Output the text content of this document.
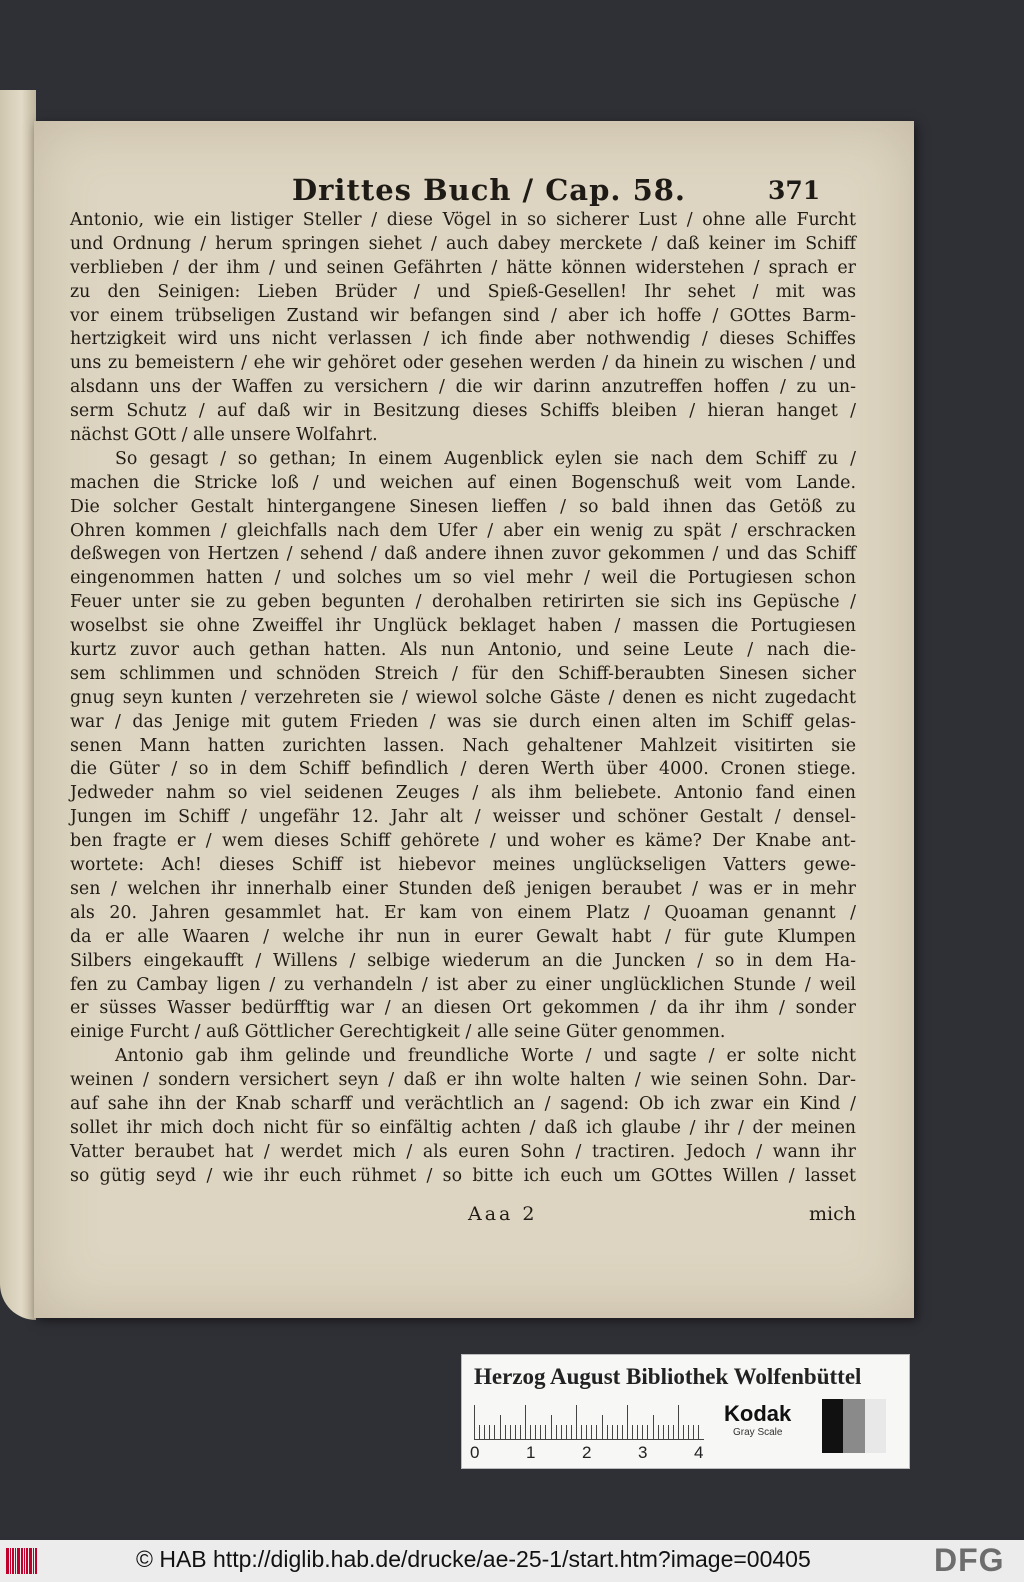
Drittes Buch / Cap. 58.	371
Antonio, wie ein listiger Steller / diese Vögel in so sicherer Lust / ohne alle Furcht
und Ordnung / herum springen siehet / auch dabey merckete / daß keiner im Schiff
verblieben / der ihm / und seinen Gefährten / hätte können widerstehen / sprach er
zu den Seinigen: Lieben Brüder / und Spieß-Gesellen! Ihr sehet / mit was
vor einem trübseligen Zustand wir befangen sind / aber ich hoffe / GOttes Barm-
hertzigkeit wird uns nicht verlassen / ich finde aber nothwendig / dieses Schiffes
uns zu bemeistern / ehe wir gehöret oder gesehen werden / da hinein zu wischen / und
alsdann uns der Waffen zu versichern / die wir darinn anzutreffen hoffen / zu un-
serm Schutz / auf daß wir in Besitzung dieses Schiffs bleiben / hieran hanget /
nächst GOtt / alle unsere Wolfahrt.
So gesagt / so gethan; In einem Augenblick eylen sie nach dem Schiff zu /
machen die Stricke loß / und weichen auf einen Bogenschuß weit vom Lande.
Die solcher Gestalt hintergangene Sinesen lieffen / so bald ihnen das Getöß zu
Ohren kommen / gleichfalls nach dem Ufer / aber ein wenig zu spät / erschracken
deßwegen von Hertzen / sehend / daß andere ihnen zuvor gekommen / und das Schiff
eingenommen hatten / und solches um so viel mehr / weil die Portugiesen schon
Feuer unter sie zu geben begunten / derohalben retirirten sie sich ins Gepüsche /
woselbst sie ohne Zweiffel ihr Unglück beklaget haben / massen die Portugiesen
kurtz zuvor auch gethan hatten. Als nun Antonio, und seine Leute / nach die-
sem schlimmen und schnöden Streich / für den Schiff-beraubten Sinesen sicher
gnug seyn kunten / verzehreten sie / wiewol solche Gäste / denen es nicht zugedacht
war / das Jenige mit gutem Frieden / was sie durch einen alten im Schiff gelas-
senen Mann hatten zurichten lassen. Nach gehaltener Mahlzeit visitirten sie
die Güter / so in dem Schiff befindlich / deren Werth über 4000. Cronen stiege.
Jedweder nahm so viel seidenen Zeuges / als ihm beliebete. Antonio fand einen
Jungen im Schiff / ungefähr 12. Jahr alt / weisser und schöner Gestalt / densel-
ben fragte er / wem dieses Schiff gehörete / und woher es käme? Der Knabe ant-
wortete: Ach! dieses Schiff ist hiebevor meines unglückseligen Vatters gewe-
sen / welchen ihr innerhalb einer Stunden deß jenigen beraubet / was er in mehr
als 20. Jahren gesammlet hat. Er kam von einem Platz / Quoaman genannt /
da er alle Waaren / welche ihr nun in eurer Gewalt habt / für gute Klumpen
Silbers eingekaufft / Willens / selbige wiederum an die Juncken / so in dem Ha-
fen zu Cambay ligen / zu verhandeln / ist aber zu einer unglücklichen Stunde / weil
er süsses Wasser bedürfftig war / an diesen Ort gekommen / da ihr ihm / sonder
einige Furcht / auß Göttlicher Gerechtigkeit / alle seine Güter genommen.
Antonio gab ihm gelinde und freundliche Worte / und sagte / er solte nicht
weinen / sondern versichert seyn / daß er ihn wolte halten / wie seinen Sohn. Dar-
auf sahe ihn der Knab scharff und verächtlich an / sagend: Ob ich zwar ein Kind /
sollet ihr mich doch nicht für so einfältig achten / daß ich glaube / ihr / der meinen
Vatter beraubet hat / werdet mich / als euren Sohn / tractiren. Jedoch / wann ihr
so gütig seyd / wie ihr euch rühmet / so bitte ich euch um GOttes Willen / lasset
Aaa 2	mich
Herzog August Bibliothek Wolfenbüttel
0	1	2	3	4
Kodak
Gray Scale
© HAB http://diglib.hab.de/drucke/ae-25-1/start.htm?image=00405	DFG
